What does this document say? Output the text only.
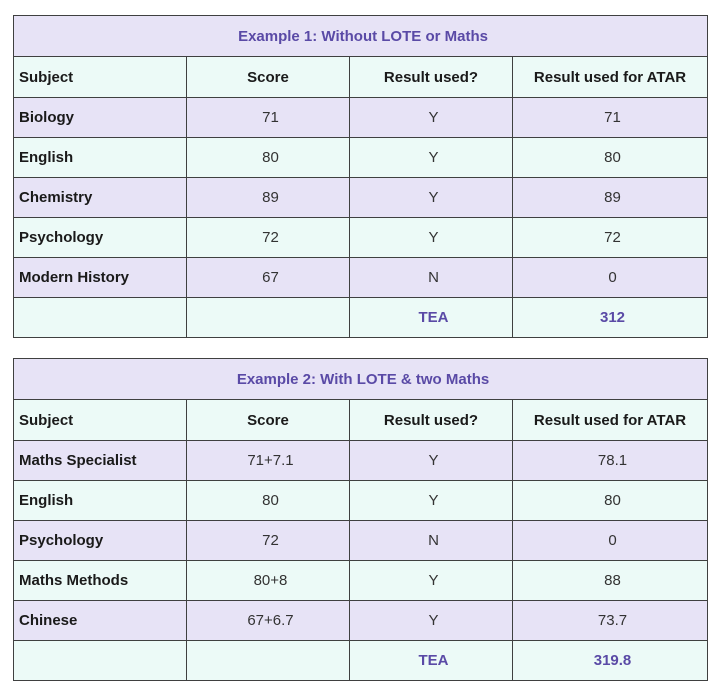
Example 1: Without LOTE or Maths			
Subject	Score	Result used?	Result used for ATAR
Biology	71	Y	71
English	80	Y	80
Chemistry	89	Y	89
Psychology	72	Y	72
Modern History	67	N	0
		TEA	312
Example 2: With LOTE & two Maths			
Subject	Score	Result used?	Result used for ATAR
Maths Specialist	71+7.1	Y	78.1
English	80	Y	80
Psychology	72	N	0
Maths Methods	80+8	Y	88
Chinese	67+6.7	Y	73.7
		TEA	319.8
